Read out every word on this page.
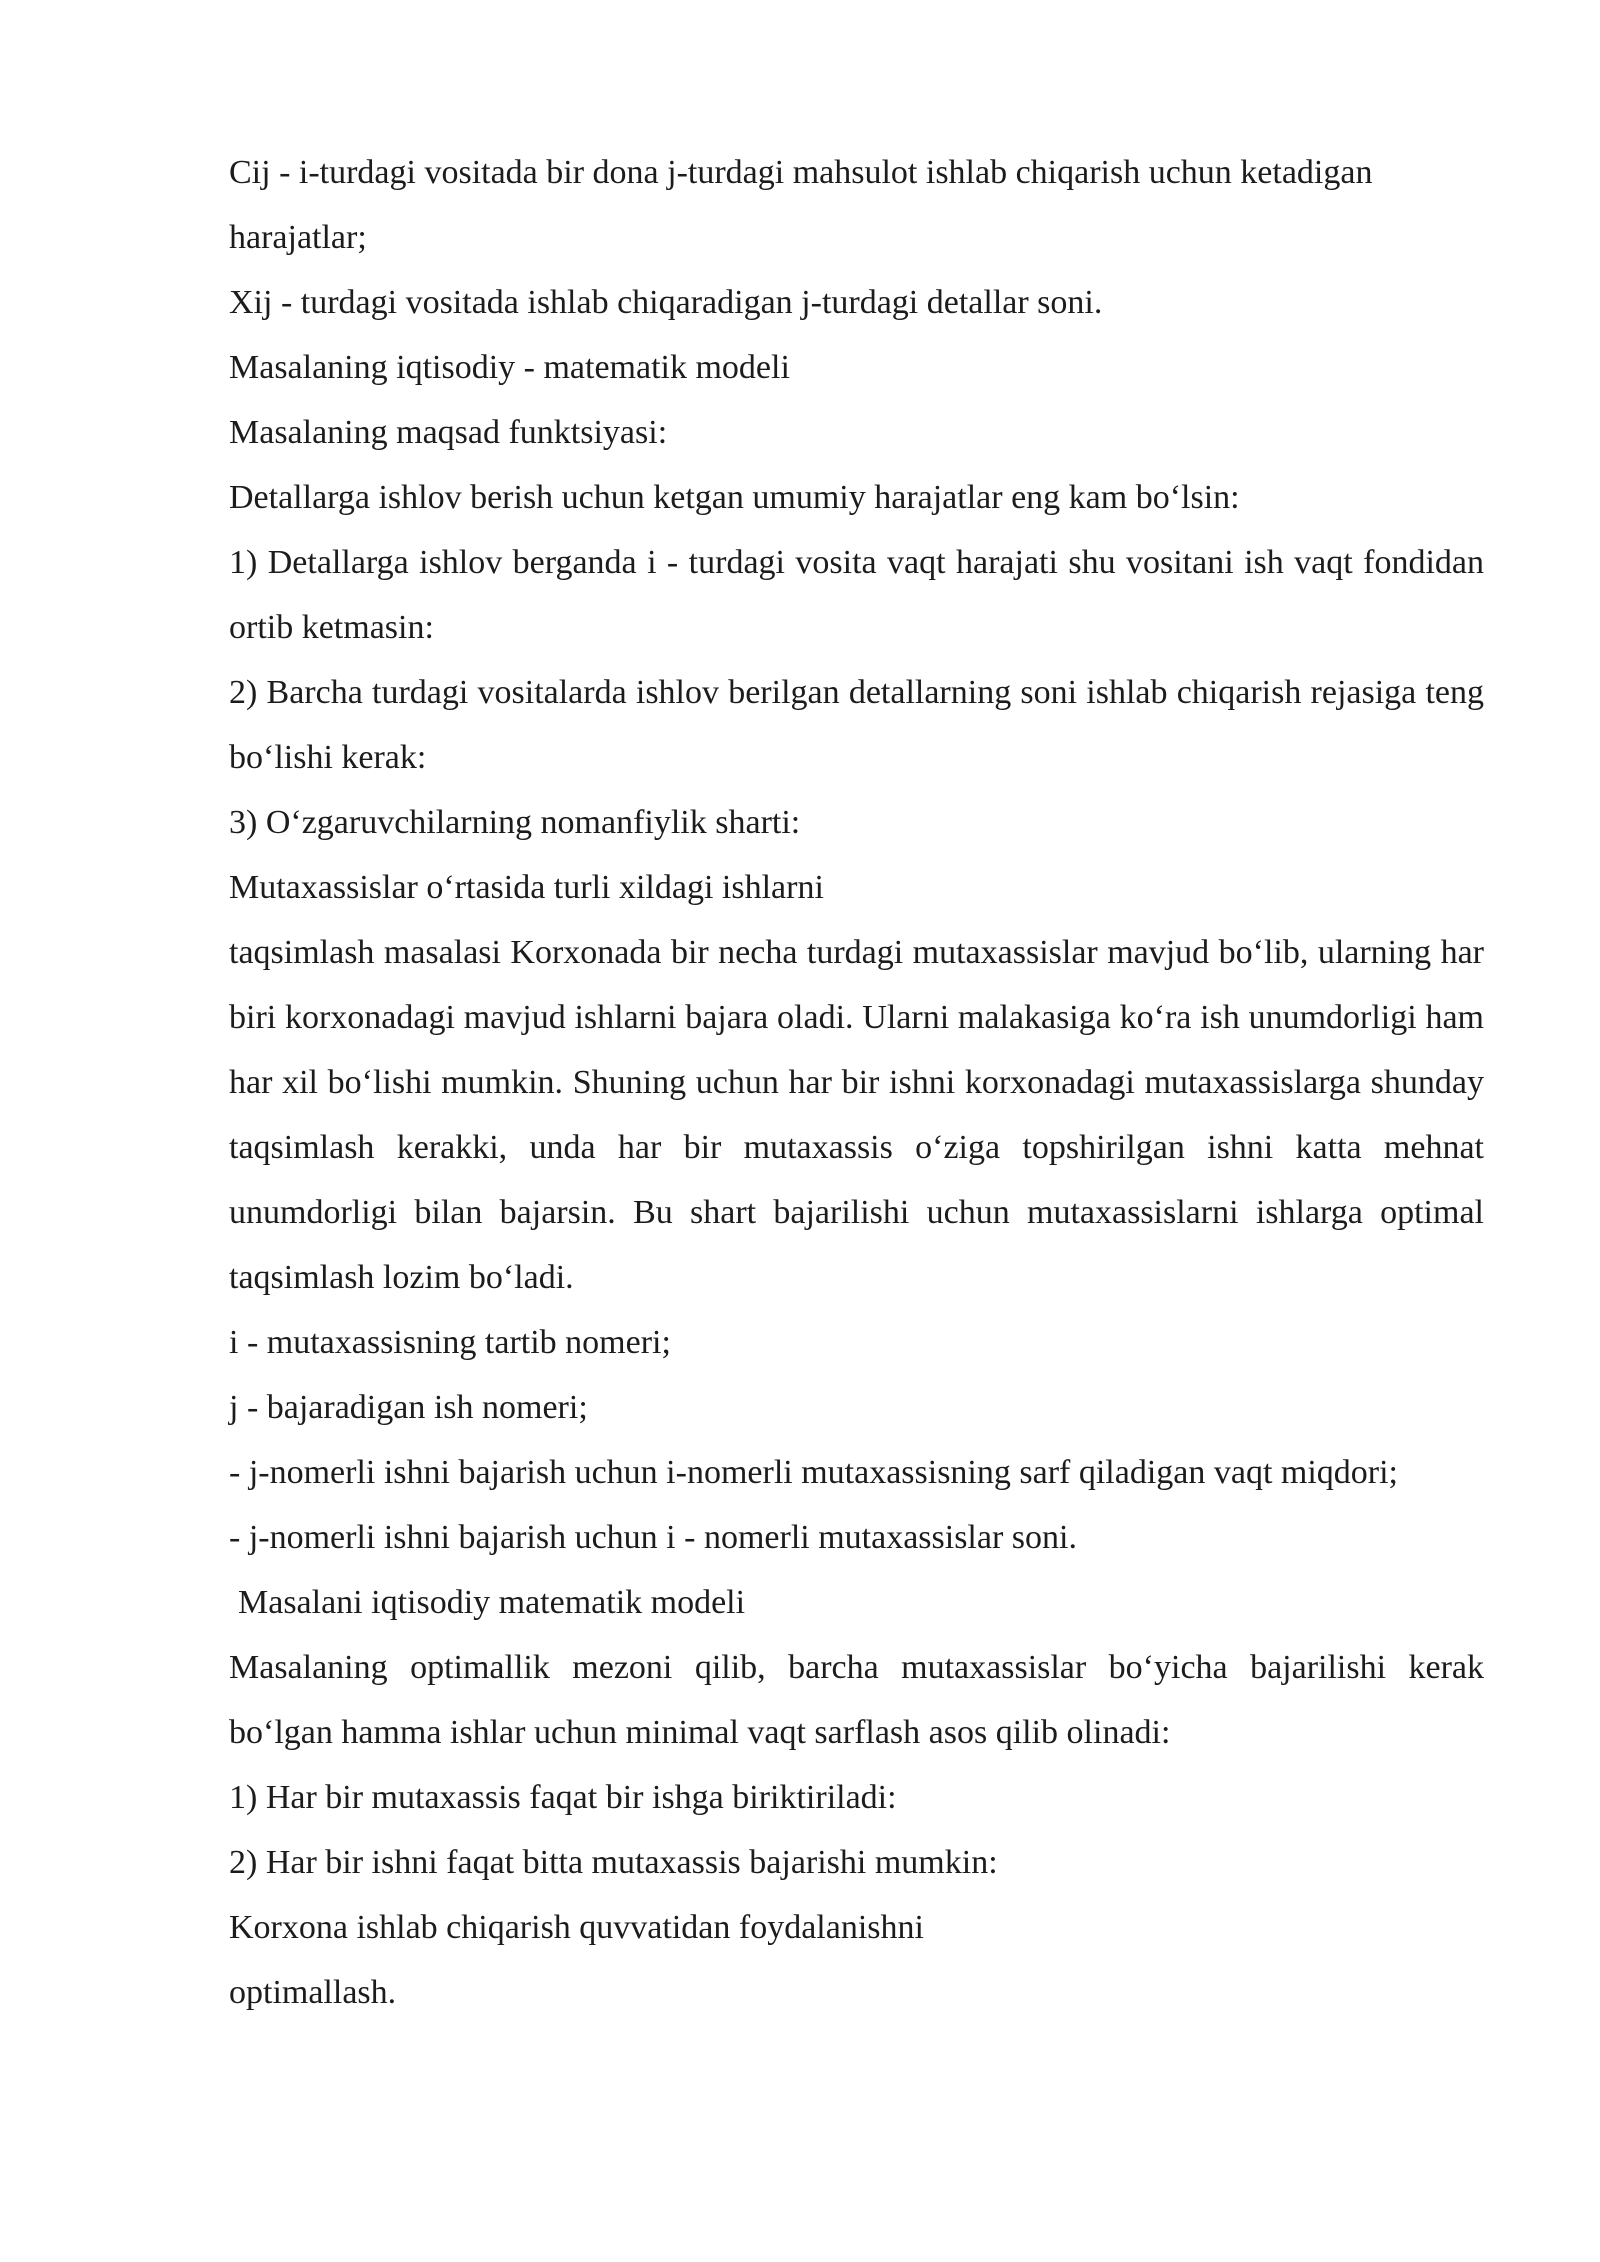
Cij - i-turdagi vositada bir dona j-turdagi mahsulot ishlab chiqarish uchun ketadigan harajatlar;

Xij - turdagi vositada ishlab chiqaradigan j-turdagi detallar soni.

Masalaning iqtisodiy - matematik modeli

Masalaning maqsad funktsiyasi:

Detallarga ishlov berish uchun ketgan umumiy harajatlar eng kam bo‘lsin:

1) Detallarga ishlov berganda i - turdagi vosita vaqt harajati shu vositani ish vaqt fondidan ortib ketmasin:

2) Barcha turdagi vositalarda ishlov berilgan detallarning soni ishlab chiqarish rejasiga teng bo‘lishi kerak:

3) O‘zgaruvchilarning nomanfiylik sharti:

Mutaxassislar o‘rtasida turli xildagi ishlarni

taqsimlash masalasi Korxonada bir necha turdagi mutaxassislar mavjud bo‘lib, ularning har biri korxonadagi mavjud ishlarni bajara oladi. Ularni malakasiga ko‘ra ish unumdorligi ham har xil bo‘lishi mumkin. Shuning uchun har bir ishni korxonadagi mutaxassislarga shunday taqsimlash kerakki, unda har bir mutaxassis o‘ziga topshirilgan ishni katta mehnat unumdorligi bilan bajarsin. Bu shart bajarilishi uchun mutaxassislarni ishlarga optimal taqsimlash lozim bo‘ladi.

i - mutaxassisning tartib nomeri;

j - bajaradigan ish nomeri;

- j-nomerli ishni bajarish uchun i-nomerli mutaxassisning sarf qiladigan vaqt miqdori;

- j-nomerli ishni bajarish uchun i - nomerli mutaxassislar soni.

Masalani iqtisodiy matematik modeli

Masalaning optimallik mezoni qilib, barcha mutaxassislar bo‘yicha bajarilishi kerak bo‘lgan hamma ishlar uchun minimal vaqt sarflash asos qilib olinadi:

1) Har bir mutaxassis faqat bir ishga biriktiriladi:

2) Har bir ishni faqat bitta mutaxassis bajarishi mumkin:

Korxona ishlab chiqarish quvvatidan foydalanishni

optimallash.
